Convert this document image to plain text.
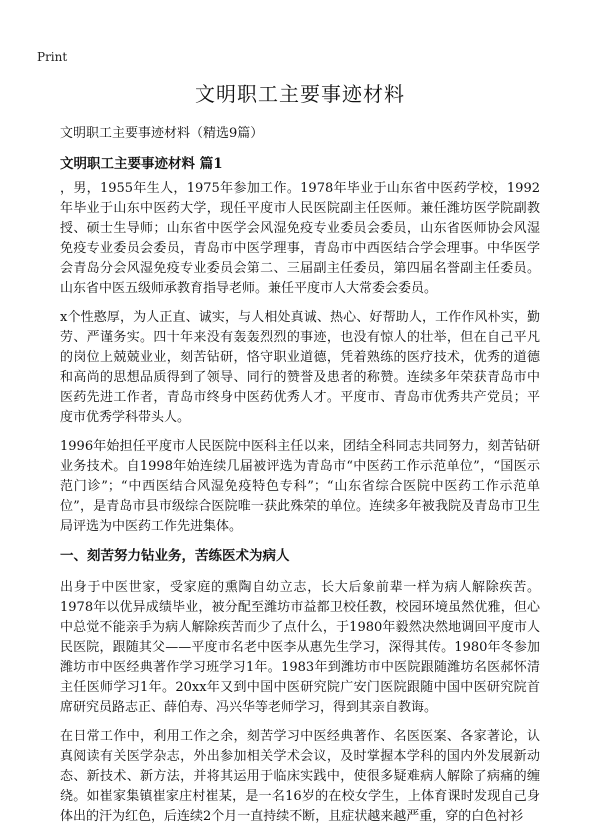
Print
文明职工主要事迹材料
文明职工主要事迹材料（精选9篇）
文明职工主要事迹材料 篇1

，男，1955年生人，1975年参加工作。1978年毕业于山东省中医药学校，1992年毕业于山东中医药大学，现任平度市人民医院副主任医师。兼任潍坊医学院副教授、硕士生导师；山东省中医学会风湿免疫专业委员会委员，山东省医师协会风湿免疫专业委员会委员，青岛市中医学理事，青岛市中西医结合学会理事。中华医学会青岛分会风湿免疫专业委员会第二、三届副主任委员，第四届名誉副主任委员。山东省中医五级师承教育指导老师。兼任平度市人大常委会委员。

x个性憨厚，为人正直、诚实，与人相处真诚、热心、好帮助人，工作作风朴实，勤劳、严谨务实。四十年来没有轰轰烈烈的事迹，也没有惊人的壮举，但在自己平凡的岗位上兢兢业业，刻苦钻研，恪守职业道德，凭着熟练的医疗技术，优秀的道德和高尚的思想品质得到了领导、同行的赞誉及患者的称赞。连续多年荣获青岛市中医药先进工作者，青岛市终身中医药优秀人才。平度市、青岛市优秀共产党员；平度市优秀学科带头人。

1996年始担任平度市人民医院中医科主任以来，团结全科同志共同努力，刻苦钻研业务技术。自1998年始连续几届被评选为青岛市“中医药工作示范单位”，“国医示范门诊”；“中西医结合风湿免疫特色专科”；“山东省综合医院中医药工作示范单位”，是青岛市县市级综合医院唯一获此殊荣的单位。连续多年被我院及青岛市卫生局评选为中医药工作先进集体。

一、刻苦努力钻业务，苦练医术为病人

出身于中医世家，受家庭的熏陶自幼立志，长大后象前辈一样为病人解除疾苦。1978年以优异成绩毕业，被分配至潍坊市益都卫校任教，校园环境虽然优雅，但心中总觉不能亲手为病人解除疾苦而少了点什么，于1980年毅然决然地调回平度市人民医院，跟随其父——平度市名老中医李从惠先生学习，深得其传。1980年冬参加潍坊市中医经典著作学习班学习1年。1983年到潍坊市中医院跟随潍坊名医郝怀清主任医师学习1年。20xx年又到中国中医研究院广安门医院跟随中国中医研究院首席研究员路志正、薛伯寿、冯兴华等老师学习，得到其亲自教诲。

在日常工作中，利用工作之余，刻苦学习中医经典著作、名医医案、各家著论，认真阅读有关医学杂志，外出参加相关学术会议，及时掌握本学科的国内外发展新动态、新技术、新方法，并将其运用于临床实践中，使很多疑难病人解除了病痛的缠绕。如崔家集镇崔家庄村崔某，是一名16岁的在校女学生，上体育课时发现自己身体出的汗为红色，后连续2个月一直持续不断，且症状越来越严重，穿的白色衬衫
